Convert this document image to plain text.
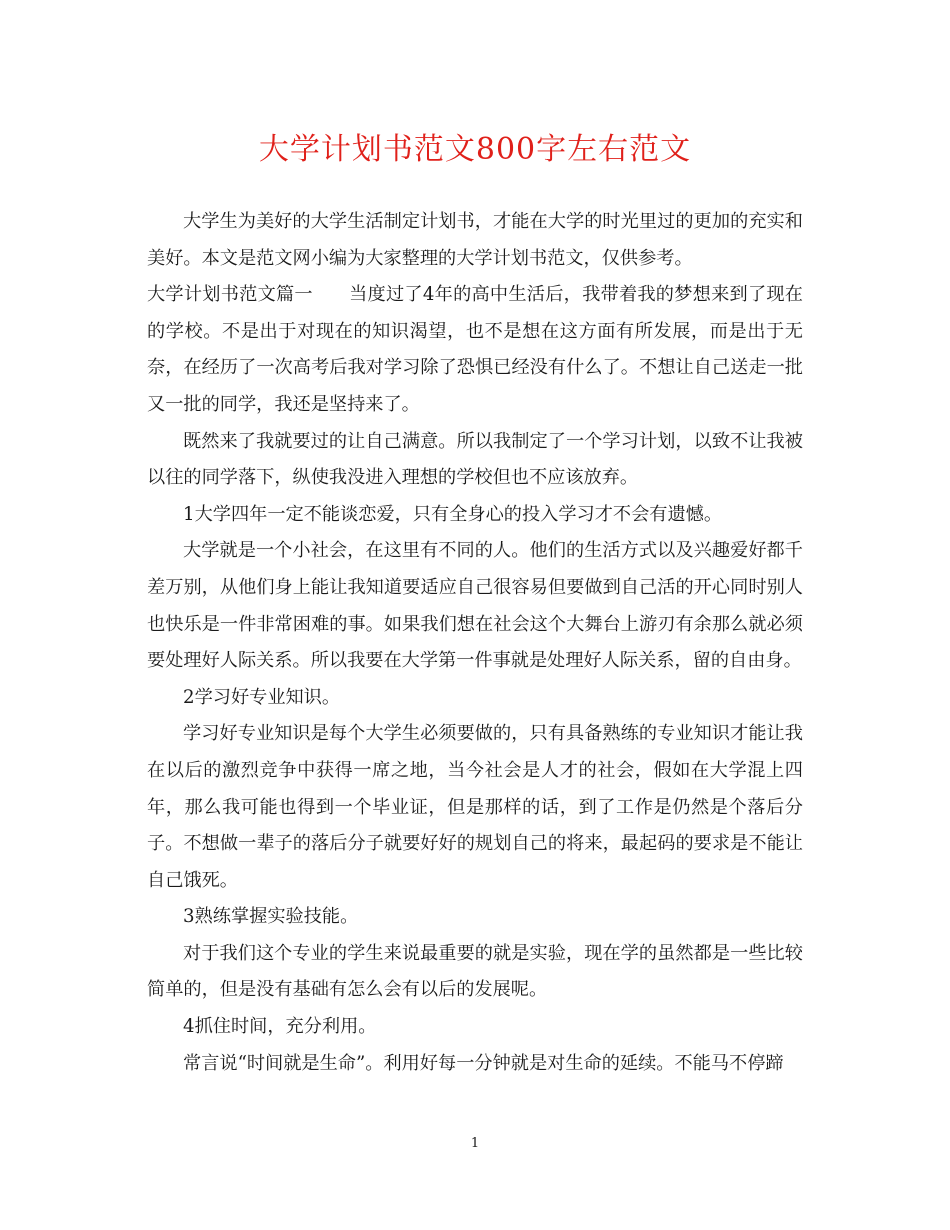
大学计划书范文800字左右范文

大学生为美好的大学生活制定计划书，才能在大学的时光里过的更加的充实和美好。本文是范文网小编为大家整理的大学计划书范文，仅供参考。

大学计划书范文篇一 当度过了4年的高中生活后，我带着我的梦想来到了现在的学校。不是出于对现在的知识渴望，也不是想在这方面有所发展，而是出于无奈，在经历了一次高考后我对学习除了恐惧已经没有什么了。不想让自己送走一批又一批的同学，我还是坚持来了。

既然来了我就要过的让自己满意。所以我制定了一个学习计划，以致不让我被以往的同学落下，纵使我没进入理想的学校但也不应该放弃。

1大学四年一定不能谈恋爱，只有全身心的投入学习才不会有遗憾。

大学就是一个小社会，在这里有不同的人。他们的生活方式以及兴趣爱好都千差万别，从他们身上能让我知道要适应自己很容易但要做到自己活的开心同时别人也快乐是一件非常困难的事。如果我们想在社会这个大舞台上游刃有余那么就必须要处理好人际关系。所以我要在大学第一件事就是处理好人际关系，留的自由身。

2学习好专业知识。

学习好专业知识是每个大学生必须要做的，只有具备熟练的专业知识才能让我在以后的激烈竞争中获得一席之地，当今社会是人才的社会，假如在大学混上四年，那么我可能也得到一个毕业证，但是那样的话，到了工作是仍然是个落后分子。不想做一辈子的落后分子就要好好的规划自己的将来，最起码的要求是不能让自己饿死。

3熟练掌握实验技能。

对于我们这个专业的学生来说最重要的就是实验，现在学的虽然都是一些比较简单的，但是没有基础有怎么会有以后的发展呢。

4抓住时间，充分利用。

常言说“时间就是生命”。利用好每一分钟就是对生命的延续。不能马不停蹄

1
